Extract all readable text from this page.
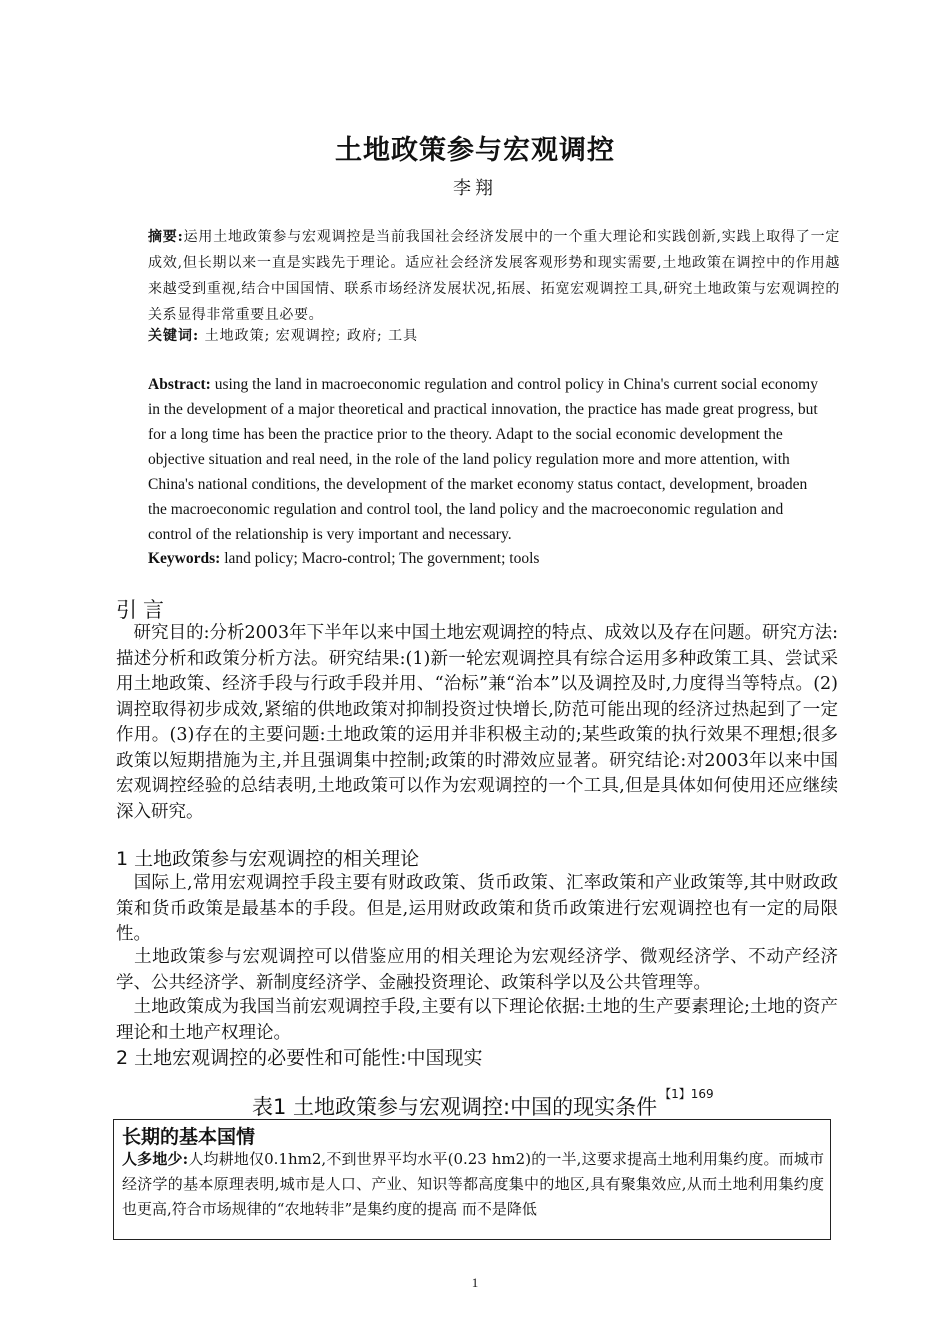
土地政策参与宏观调控
李翔
摘要:运用土地政策参与宏观调控是当前我国社会经济发展中的一个重大理论和实践创新,实践上取得了一定成效,但长期以来一直是实践先于理论。适应社会经济发展客观形势和现实需要,土地政策在调控中的作用越来越受到重视,结合中国国情、联系市场经济发展状况,拓展、拓宽宏观调控工具,研究土地政策与宏观调控的关系显得非常重要且必要。
关键词: 土地政策; 宏观调控; 政府; 工具
Abstract: using the land in macroeconomic regulation and control policy in China's current social economy in the development of a major theoretical and practical innovation, the practice has made great progress, but for a long time has been the practice prior to the theory. Adapt to the social economic development the objective situation and real need, in the role of the land policy regulation more and more attention, with China's national conditions, the development of the market economy status contact, development, broaden the macroeconomic regulation and control tool, the land policy and the macroeconomic regulation and control of the relationship is very important and necessary.
Keywords: land policy; Macro-control; The government; tools
引言
　​研究目的:分析2003年下半年以来中国土地宏观调控的特点、成效以及存在问题。研究方法:描述分析和政策分析方法。研究结果:(1)新一轮宏观调控具有综合运用多种政策工具、尝试采用土地政策、经济手段与行政手段并用、“治标”兼“治本”以及调控及时,力度得当等特点。(2)调控取得初步成效,紧缩的供地政策对抑制投资过快增长,防范可能出现的经济过热起到了一定作用。(3)存在的主要问题:土地政策的运用并非积极主动的;某些政策的执行效果不理想;很多政策以短期措施为主,并且强调集中控制;政策的时滞效应显著。研究结论:对2003年以来中国宏观调控经验的总结表明,土地政策可以作为宏观调控的一个工具,但是具体如何使用还应继续深入研究。
1 土地政策参与宏观调控的相关理论
　国际上,常用宏观调控手段主要有财政政策、货币政策、汇率政策和产业政策等,其中财政政策和货币政策是最基本的手段。但是,运用财政政策和货币政策进行宏观调控也有一定的局限性。
　土地政策参与宏观调控可以借鉴应用的相关理论为宏观经济学、微观经济学、不动产经济学、公共经济学、新制度经济学、金融投资理论、政策科学以及公共管理等。
　土地政策成为我国当前宏观调控手段,主要有以下理论依据:土地的生产要素理论;土地的资产理论和土地产权理论。
2 土地宏观调控的必要性和可能性:中国现实
表1 土地政策参与宏观调控:中国的现实条件$^{【1】169}$
长期的基本国情
人多地少:人均耕地仅0.1hm2,不到世界平均水平(0.23 hm2)的一半,这要求提高土地利用集约度。而城市经济学的基本原理表明,城市是人口、产业、知识等都高度集中的地区,具有聚集效应,从而土地利用集约度也更高,符合市场规律的“农地转非”是集约度的提高 而不是降低
1
